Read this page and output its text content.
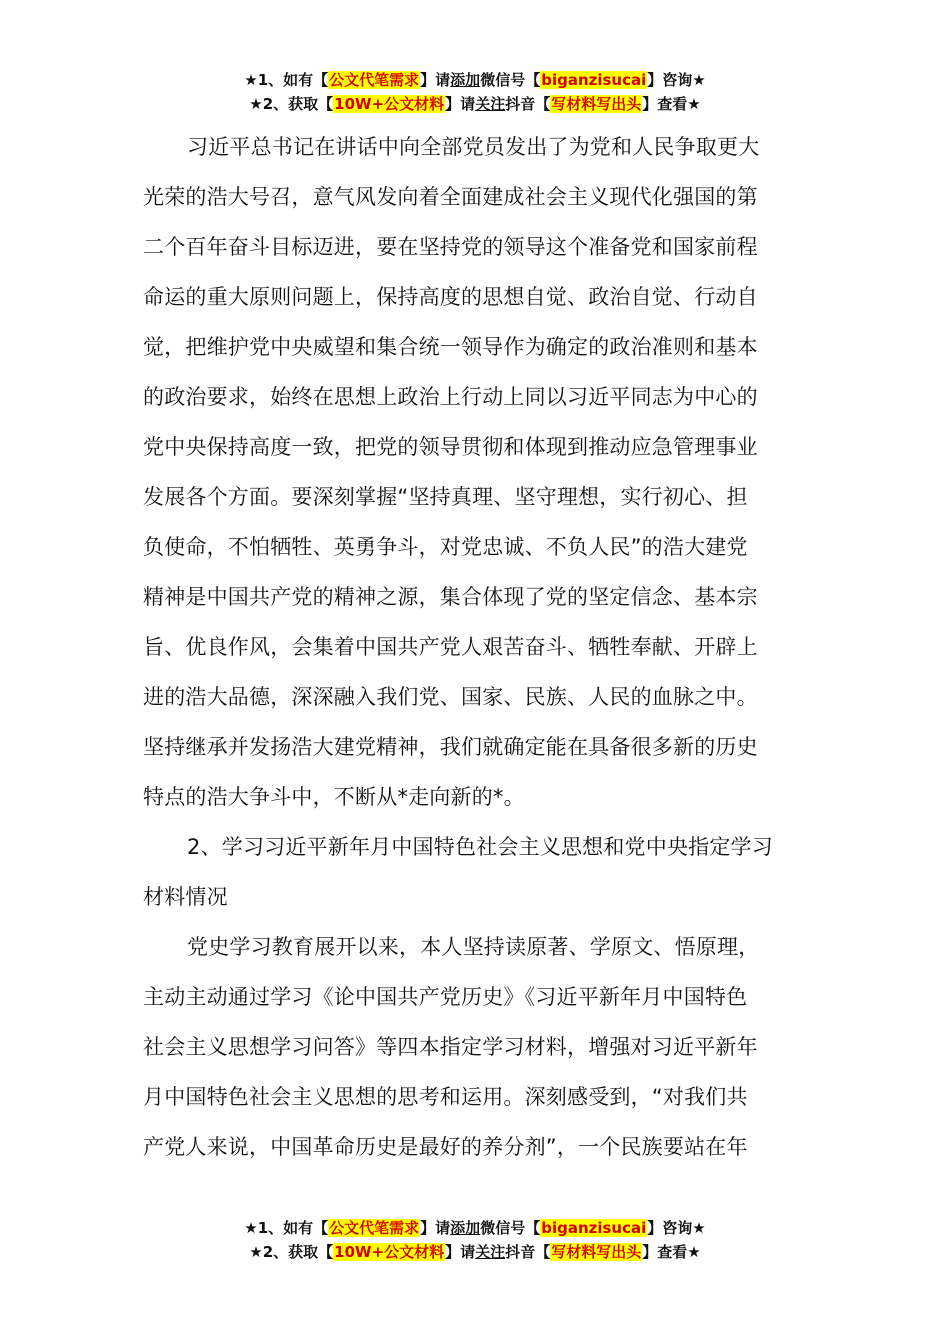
★1、如有【公文代笔需求】请添加微信号【biganzisucai】咨询★
★2、获取【10W+公文材料】请关注抖音【写材料写出头】查看★

习近平总书记在讲话中向全部党员发出了为党和人民争取更大
光荣的浩大号召，意气风发向着全面建成社会主义现代化强国的第
二个百年奋斗目标迈进，要在坚持党的领导这个准备党和国家前程
命运的重大原则问题上，保持高度的思想自觉、政治自觉、行动自
觉，把维护党中央威望和集合统一领导作为确定的政治准则和基本
的政治要求，始终在思想上政治上行动上同以习近平同志为中心的
党中央保持高度一致，把党的领导贯彻和体现到推动应急管理事业
发展各个方面。要深刻掌握“坚持真理、坚守理想，实行初心、担
负使命，不怕牺牲、英勇争斗，对党忠诚、不负人民”的浩大建党
精神是中国共产党的精神之源，集合体现了党的坚定信念、基本宗
旨、优良作风，会集着中国共产党人艰苦奋斗、牺牲奉献、开辟上
进的浩大品德，深深融入我们党、国家、民族、人民的血脉之中。
坚持继承并发扬浩大建党精神，我们就确定能在具备很多新的历史
特点的浩大争斗中，不断从*走向新的*。

2、学习习近平新年月中国特色社会主义思想和党中央指定学习
材料情况

党史学习教育展开以来，本人坚持读原著、学原文、悟原理，
主动主动通过学习《论中国共产党历史》《习近平新年月中国特色
社会主义思想学习问答》等四本指定学习材料，增强对习近平新年
月中国特色社会主义思想的思考和运用。深刻感受到，“对我们共
产党人来说，中国革命历史是最好的养分剂”，一个民族要站在年

★1、如有【公文代笔需求】请添加微信号【biganzisucai】咨询★
★2、获取【10W+公文材料】请关注抖音【写材料写出头】查看★
